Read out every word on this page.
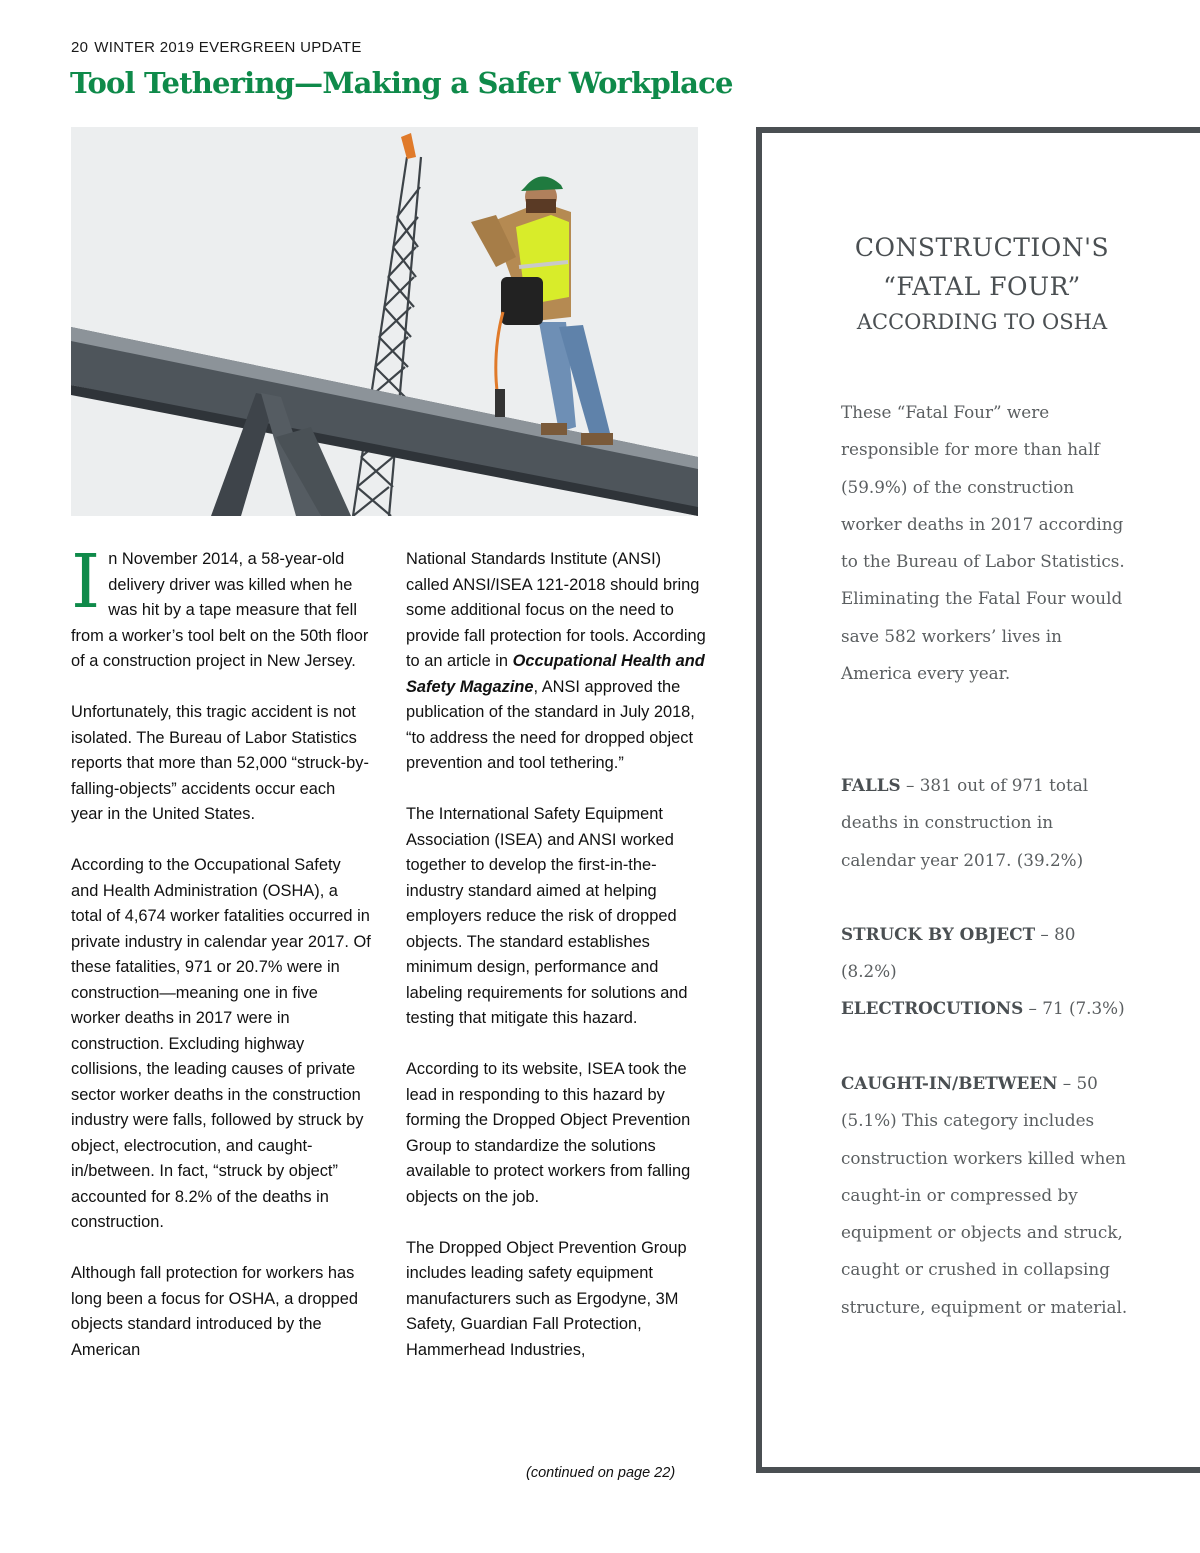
20 WINTER 2019 EVERGREEN UPDATE
Tool Tethering—Making a Safer Workplace

In November 2014, a 58-year-old delivery driver was killed when he was hit by a tape measure that fell from a worker’s tool belt on the 50th floor of a construction project in New Jersey.

Unfortunately, this tragic accident is not isolated. The Bureau of Labor Statistics reports that more than 52,000 “struck-by-falling-objects” accidents occur each year in the United States.

According to the Occupational Safety and Health Administration (OSHA), a total of 4,674 worker fatalities occurred in private industry in calendar year 2017. Of these fatalities, 971 or 20.7% were in construction—meaning one in five worker deaths in 2017 were in construction. Excluding highway collisions, the leading causes of private sector worker deaths in the construction industry were falls, followed by struck by object, electrocution, and caught-in/between. In fact, “struck by object” accounted for 8.2% of the deaths in construction.

Although fall protection for workers has long been a focus for OSHA, a dropped objects standard introduced by the American

National Standards Institute (ANSI) called ANSI/ISEA 121-2018 should bring some additional focus on the need to provide fall protection for tools. According to an article in Occupational Health and Safety Magazine, ANSI approved the publication of the standard in July 2018, “to address the need for dropped object prevention and tool tethering.”

The International Safety Equipment Association (ISEA) and ANSI worked together to develop the first-in-the-industry standard aimed at helping employers reduce the risk of dropped objects. The standard establishes minimum design, performance and labeling requirements for solutions and testing that mitigate this hazard.

According to its website, ISEA took the lead in responding to this hazard by forming the Dropped Object Prevention Group to standardize the solutions available to protect workers from falling objects on the job.

The Dropped Object Prevention Group includes leading safety equipment manufacturers such as Ergodyne, 3M Safety, Guardian Fall Protection, Hammerhead Industries,

(continued on page 22)
CONSTRUCTION'S
“FATAL FOUR”
ACCORDING TO OSHA
These “Fatal Four” were responsible for more than half (59.9%) of the construction worker deaths in 2017 according to the Bureau of Labor Statistics. Eliminating the Fatal Four would save 582 workers’ lives in America every year.
FALLS – 381 out of 971 total deaths in construction in calendar year 2017. (39.2%)
STRUCK BY OBJECT – 80 (8.2%)
ELECTROCUTIONS – 71 (7.3%)
CAUGHT-IN/BETWEEN – 50 (5.1%) This category includes construction workers killed when caught-in or compressed by equipment or objects and struck, caught or crushed in collapsing structure, equipment or material.
